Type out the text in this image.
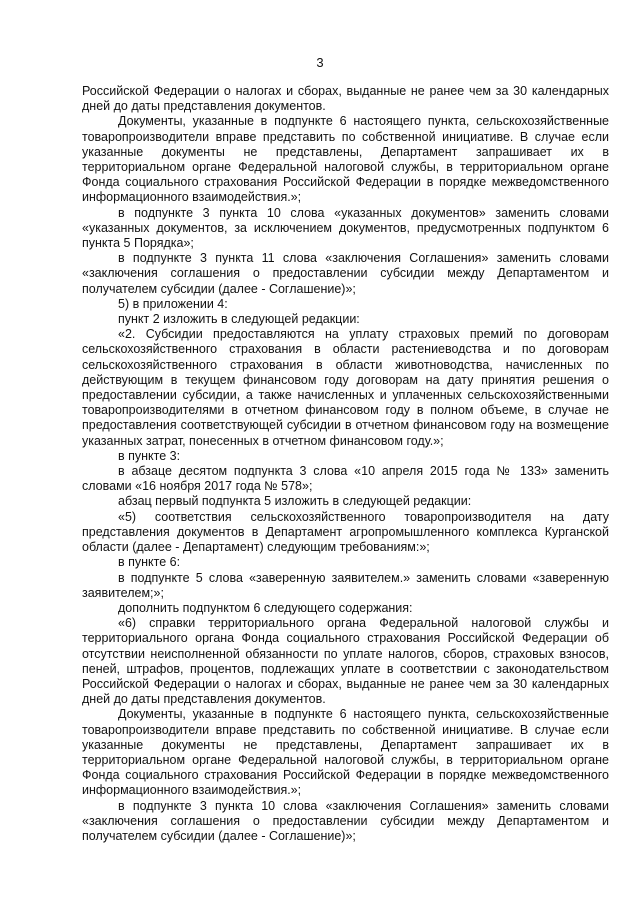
3

Российской Федерации о налогах и сборах, выданные не ранее чем за 30 календарных дней до даты представления документов.

Документы, указанные в подпункте 6 настоящего пункта, сельскохозяйственные товаропроизводители вправе представить по собственной инициативе. В случае если указанные документы не представлены, Департамент запрашивает их в территориальном органе Федеральной налоговой службы, в территориальном органе Фонда социального страхования Российской Федерации в порядке межведомственного информационного взаимодействия.»;

в подпункте 3 пункта 10 слова «указанных документов» заменить словами «указанных документов, за исключением документов, предусмотренных подпунктом 6 пункта 5 Порядка»;

в подпункте 3 пункта 11 слова «заключения Соглашения» заменить словами «заключения соглашения о предоставлении субсидии между Департаментом и получателем субсидии (далее - Соглашение)»;

5) в приложении 4:

пункт 2 изложить в следующей редакции:

«2. Субсидии предоставляются на уплату страховых премий по договорам сельскохозяйственного страхования в области растениеводства и по договорам сельскохозяйственного страхования в области животноводства, начисленных по действующим в текущем финансовом году договорам на дату принятия решения о предоставлении субсидии, а также начисленных и уплаченных сельскохозяйственными товаропроизводителями в отчетном финансовом году в полном объеме, в случае не предоставления соответствующей субсидии в отчетном финансовом году на возмещение указанных затрат, понесенных в отчетном финансовом году.»;

в пункте 3:

в абзаце десятом подпункта 3 слова «10 апреля 2015 года № 133» заменить словами «16 ноября 2017 года № 578»;

абзац первый подпункта 5 изложить в следующей редакции:

«5) соответствия сельскохозяйственного товаропроизводителя на дату представления документов в Департамент агропромышленного комплекса Курганской области (далее - Департамент) следующим требованиям:»;

в пункте 6:

в подпункте 5 слова «заверенную заявителем.» заменить словами «заверенную заявителем;»;

дополнить подпунктом 6 следующего содержания:

«6) справки территориального органа Федеральной налоговой службы и территориального органа Фонда социального страхования Российской Федерации об отсутствии неисполненной обязанности по уплате налогов, сборов, страховых взносов, пеней, штрафов, процентов, подлежащих уплате в соответствии с законодательством Российской Федерации о налогах и сборах, выданные не ранее чем за 30 календарных дней до даты представления документов.

Документы, указанные в подпункте 6 настоящего пункта, сельскохозяйственные товаропроизводители вправе представить по собственной инициативе. В случае если указанные документы не представлены, Департамент запрашивает их в территориальном органе Федеральной налоговой службы, в территориальном органе Фонда социального страхования Российской Федерации в порядке межведомственного информационного взаимодействия.»;

в подпункте 3 пункта 10 слова «заключения Соглашения» заменить словами «заключения соглашения о предоставлении субсидии между Департаментом и получателем субсидии (далее - Соглашение)»;
